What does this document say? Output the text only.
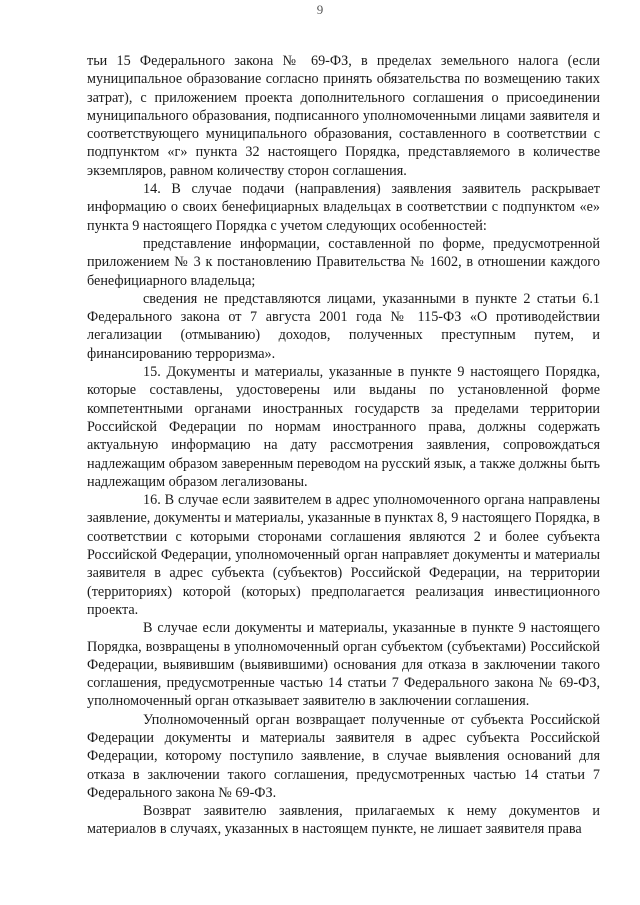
9

тьи 15 Федерального закона № 69-ФЗ, в пределах земельного налога (если муниципальное образование согласно принять обязательства по возмещению таких затрат), с приложением проекта дополнительного соглашения о присоединении муниципального образования, подписанного уполномоченными лицами заявителя и соответствующего муниципального образования, составленного в соответствии с подпунктом «г» пункта 32 настоящего Порядка, представляемого в количестве экземпляров, равном количеству сторон соглашения.

14. В случае подачи (направления) заявления заявитель раскрывает информацию о своих бенефициарных владельцах в соответствии с подпунктом «е» пункта 9 настоящего Порядка с учетом следующих особенностей:

представление информации, составленной по форме, предусмотренной приложением № 3 к постановлению Правительства № 1602, в отношении каждого бенефициарного владельца;

сведения не представляются лицами, указанными в пункте 2 статьи 6.1 Федерального закона от 7 августа 2001 года № 115-ФЗ «О противодействии легализации (отмыванию) доходов, полученных преступным путем, и финансированию терроризма».

15. Документы и материалы, указанные в пункте 9 настоящего Порядка, которые составлены, удостоверены или выданы по установленной форме компетентными органами иностранных государств за пределами территории Российской Федерации по нормам иностранного права, должны содержать актуальную информацию на дату рассмотрения заявления, сопровождаться надлежащим образом заверенным переводом на русский язык, а также должны быть надлежащим образом легализованы.

16. В случае если заявителем в адрес уполномоченного органа направлены заявление, документы и материалы, указанные в пунктах 8, 9 настоящего Порядка, в соответствии с которыми сторонами соглашения являются 2 и более субъекта Российской Федерации, уполномоченный орган направляет документы и материалы заявителя в адрес субъекта (субъектов) Российской Федерации, на территории (территориях) которой (которых) предполагается реализация инвестиционного проекта.

В случае если документы и материалы, указанные в пункте 9 настоящего Порядка, возвращены в уполномоченный орган субъектом (субъектами) Российской Федерации, выявившим (выявившими) основания для отказа в заключении такого соглашения, предусмотренные частью 14 статьи 7 Федерального закона № 69-ФЗ, уполномоченный орган отказывает заявителю в заключении соглашения.

Уполномоченный орган возвращает полученные от субъекта Российской Федерации документы и материалы заявителя в адрес субъекта Российской Федерации, которому поступило заявление, в случае выявления оснований для отказа в заключении такого соглашения, предусмотренных частью 14 статьи 7 Федерального закона № 69-ФЗ.

Возврат заявителю заявления, прилагаемых к нему документов и материалов в случаях, указанных в настоящем пункте, не лишает заявителя права
